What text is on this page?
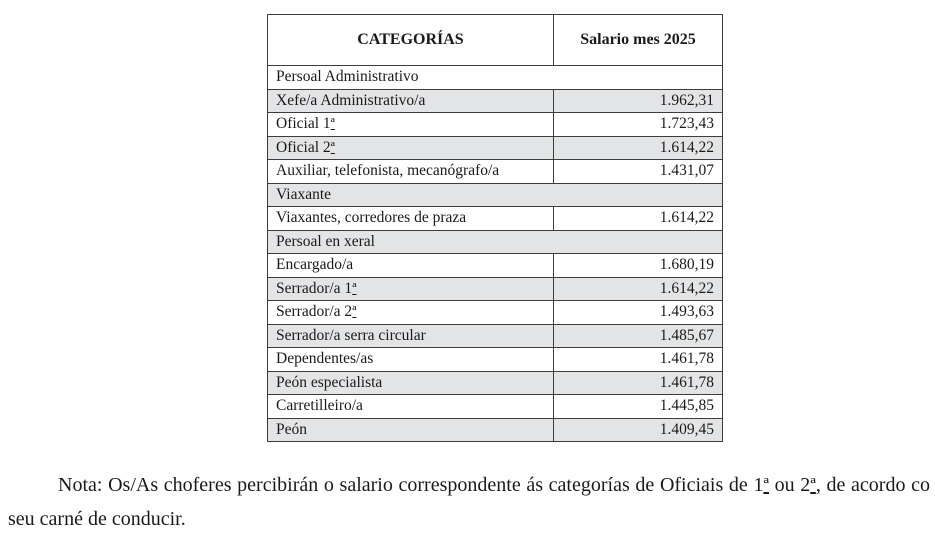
CATEGORÍAS	Salario mes 2025
Persoal Administrativo	
Xefe/a Administrativo/a	1.962,31
Oficial 1ª	1.723,43
Oficial 2ª	1.614,22
Auxiliar, telefonista, mecanógrafo/a	1.431,07
Viaxante	
Viaxantes, corredores de praza	1.614,22
Persoal en xeral	
Encargado/a	1.680,19
Serrador/a 1ª	1.614,22
Serrador/a 2ª	1.493,63
Serrador/a serra circular	1.485,67
Dependentes/as	1.461,78
Peón especialista	1.461,78
Carretilleiro/a	1.445,85
Peón	1.409,45

Nota: Os/As choferes percibirán o salario correspondente ás categorías de Oficiais de 1ª ou 2ª, de acordo co seu carné de conducir.
